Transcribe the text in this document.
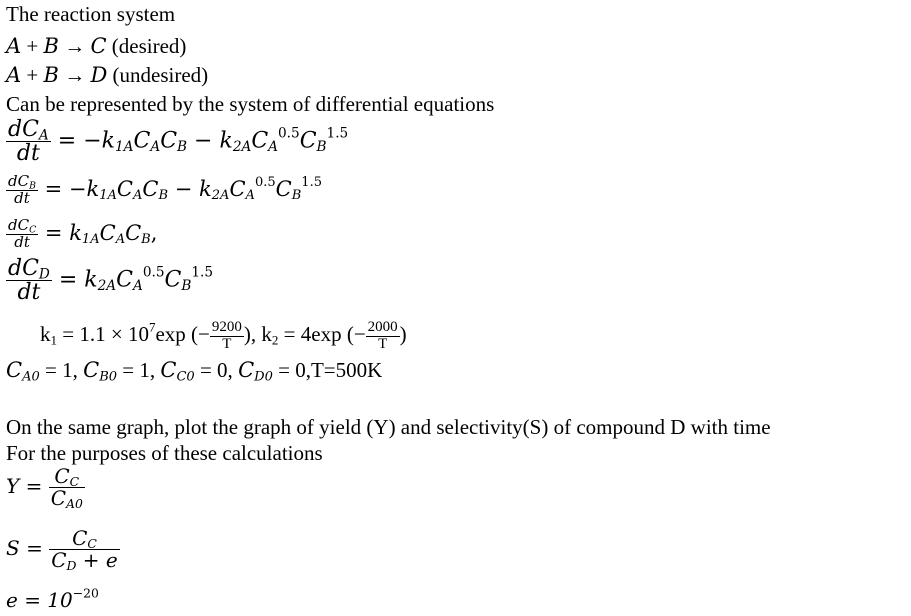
The reaction system
A + B → C (desired)
A + B → D (undesired)
Can be represented by the system of differential equations
$\frac{dC_A}{dt} = -k_{1A}C_AC_B - k_{2A}C_A^{0.5}C_B^{1.5}$
$\frac{dC_B}{dt} = -k_{1A}C_AC_B - k_{2A}C_A^{0.5}C_B^{1.5}$
$\frac{dC_C}{dt} = k_{1A}C_AC_B$,
$\frac{dC_D}{dt} = k_{2A}C_A^{0.5}C_B^{1.5}$
$k_1 = 1.1 \times 10^7\exp$ (− $\frac{9200}{T}$ ), $k_2 = 4\exp$ (− $\frac{2000}{T}$ )
$C_{A0} = 1$, $C_{B0} = 1$, $C_{C0} = 0$, $C_{D0} = 0,T=500K$
On the same graph, plot the graph of yield (Y) and selectivity(S) of compound D with time
For the purposes of these calculations
$Y = \frac{C_C}{C_{A0}}$
$S = \frac{C_C}{C_D + e}$
$e = 10^{-20}$
